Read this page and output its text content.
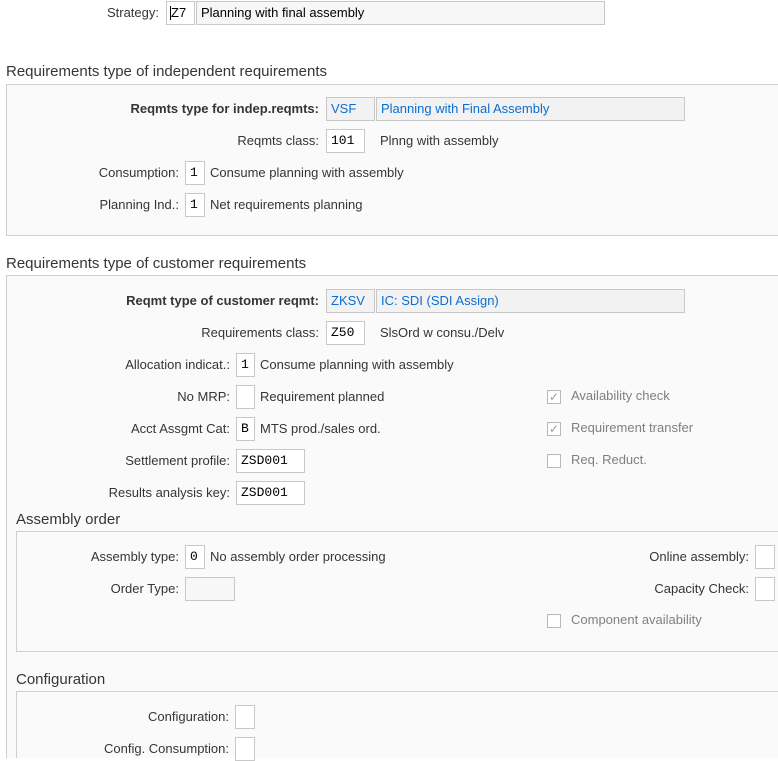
Strategy: Z7	Planning with final assembly
Requirements type of independent requirements
Reqmts type for indep.reqmts: VSF	Planning with Final Assembly
Reqmts class: 101	Plnng with assembly
Consumption: 1 Consume planning with assembly
Planning Ind.: 1 Net requirements planning
Requirements type of customer requirements
Reqmt type of customer reqmt: ZKSV	IC: SDI (SDI Assign)
Requirements class: Z50	SlsOrd w consu./Delv
Allocation indicat.: 1 Consume planning with assembly
No MRP: Requirement planned
Acct Assgmt Cat: B MTS prod./sales ord.
Settlement profile: ZSD001
Results analysis key: ZSD001
✓ Availability check
✓ Requirement transfer
Req. Reduct.
Assembly order
Assembly type: 0 No assembly order processing
Order Type:
Online assembly:
Capacity Check:
Component availability
Configuration
Configuration:
Config. Consumption:
